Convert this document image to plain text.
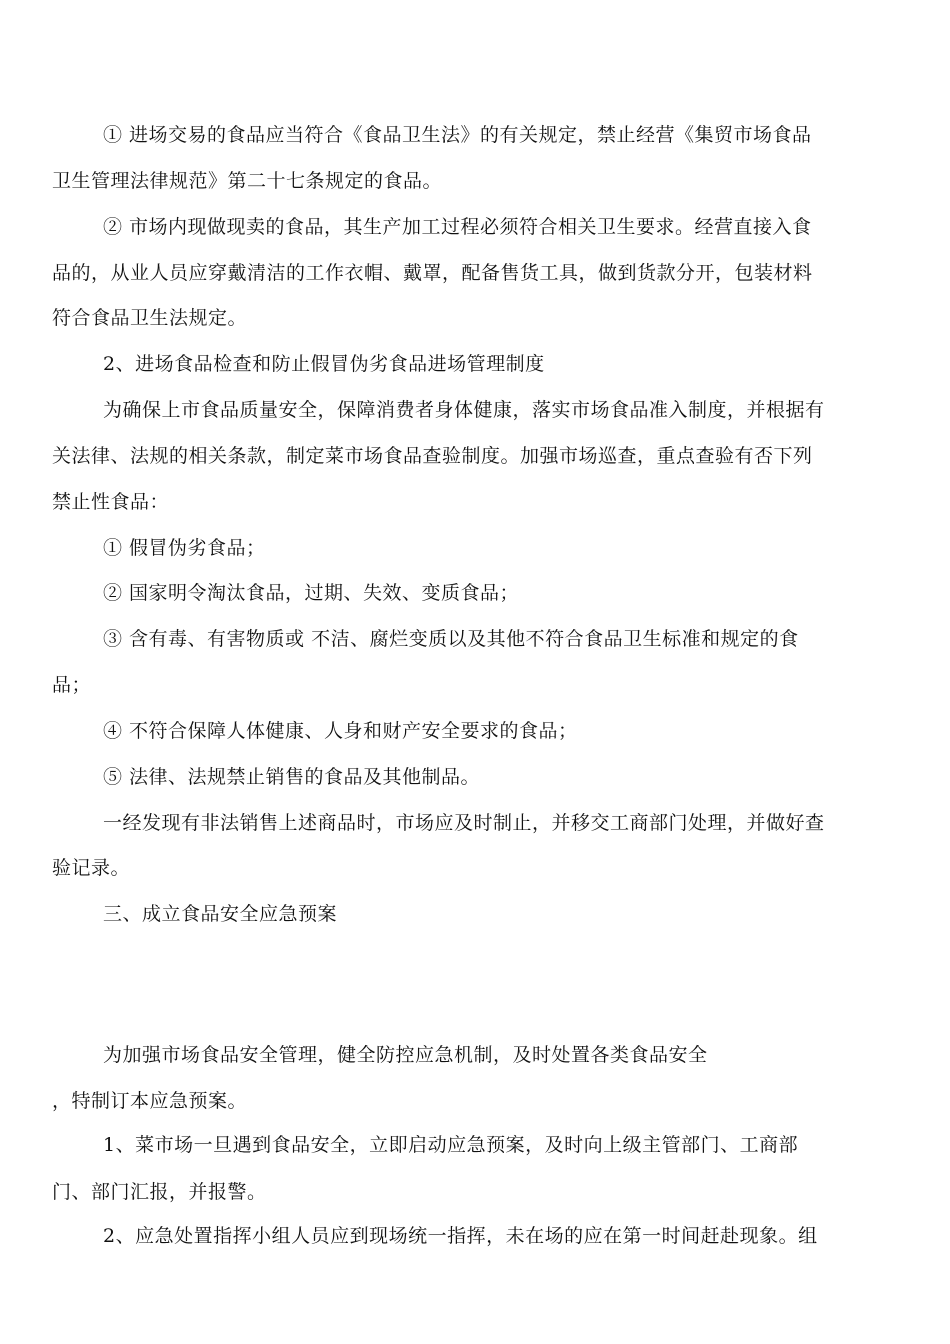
① 进场交易的食品应当符合《食品卫生法》的有关规定，禁止经营《集贸市场食品
卫生管理法律规范》第二十七条规定的食品。
② 市场内现做现卖的食品，其生产加工过程必须符合相关卫生要求。经营直接入食
品的，从业人员应穿戴清洁的工作衣帽、戴罩，配备售货工具，做到货款分开，包装材料
符合食品卫生法规定。
2、进场食品检查和防止假冒伪劣食品进场管理制度
为确保上市食品质量安全，保障消费者身体健康，落实市场食品准入制度，并根据有
关法律、法规的相关条款，制定菜市场食品查验制度。加强市场巡查，重点查验有否下列
禁止性食品：
① 假冒伪劣食品；
② 国家明令淘汰食品，过期、失效、变质食品；
③ 含有毒、有害物质或 不洁、腐烂变质以及其他不符合食品卫生标准和规定的食
品；
④ 不符合保障人体健康、人身和财产安全要求的食品；
⑤ 法律、法规禁止销售的食品及其他制品。
一经发现有非法销售上述商品时，市场应及时制止，并移交工商部门处理，并做好查
验记录。
三、成立食品安全应急预案
为加强市场食品安全管理，健全防控应急机制，及时处置各类食品安全
，特制订本应急预案。
1、菜市场一旦遇到食品安全，立即启动应急预案，及时向上级主管部门、工商部
门、部门汇报，并报警。
2、应急处置指挥小组人员应到现场统一指挥，未在场的应在第一时间赶赴现象。组
